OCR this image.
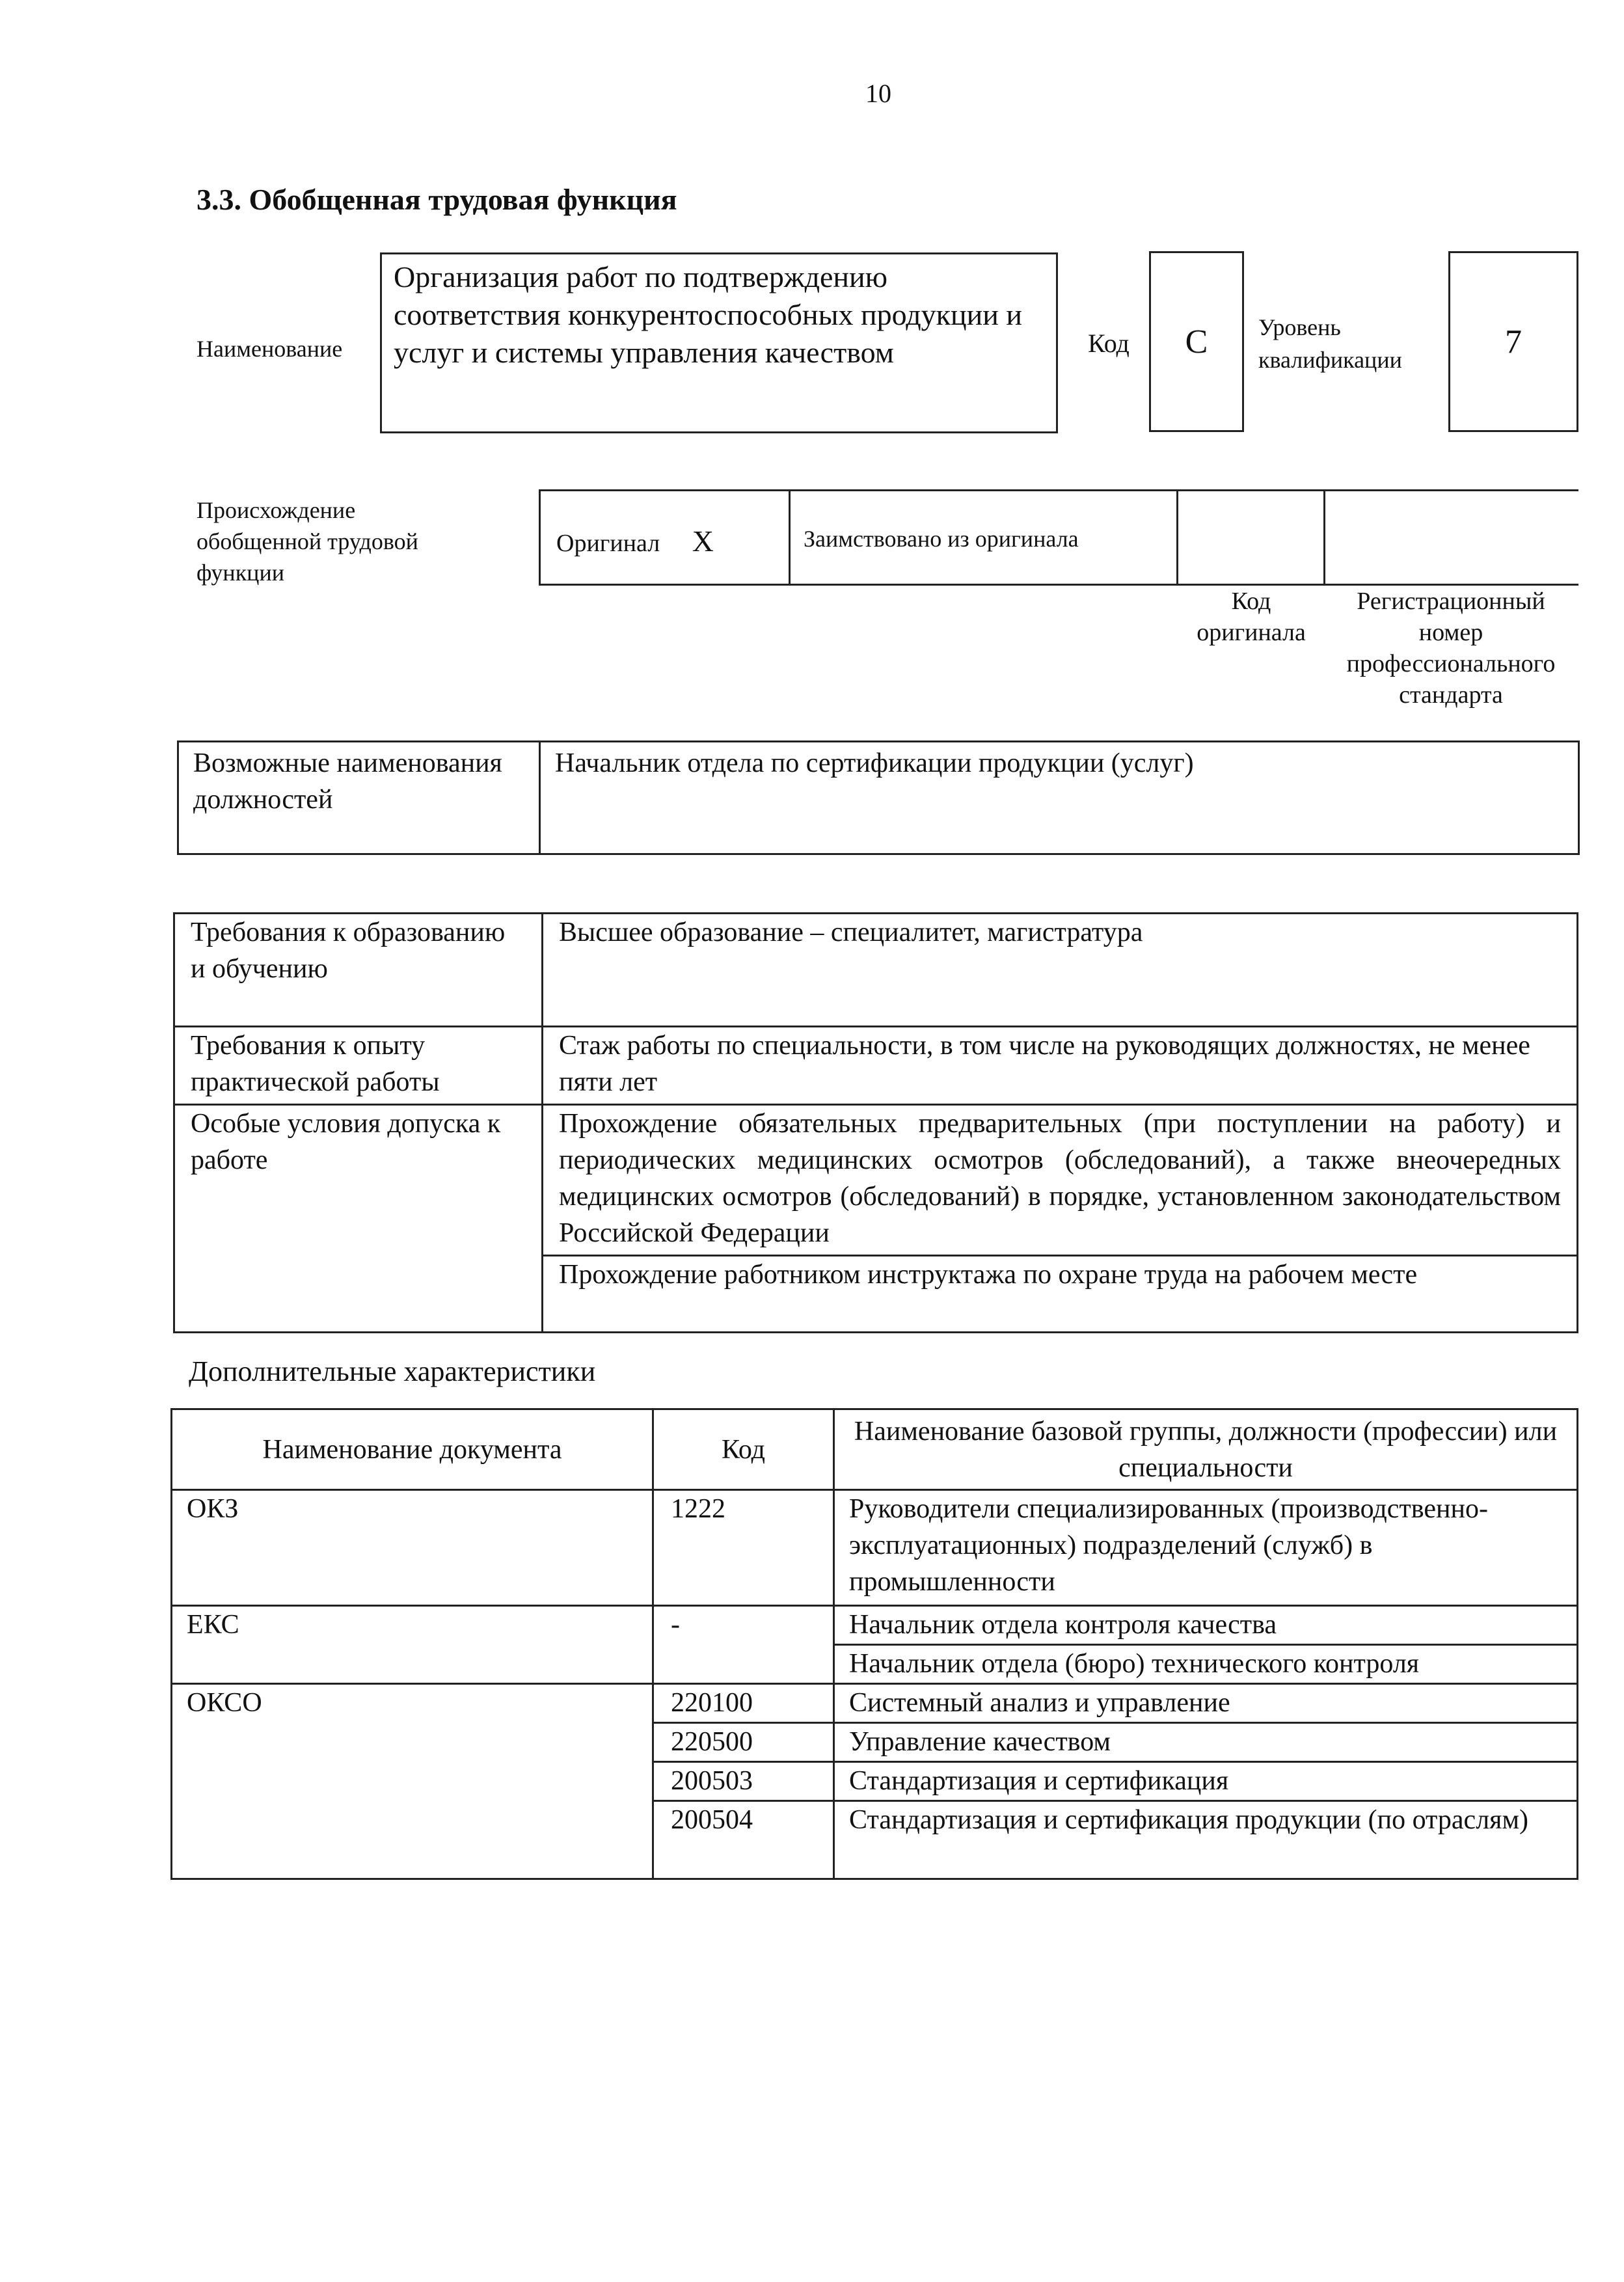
10
3.3. Обобщенная трудовая функция
Наименование
Организация работ по подтверждению соответствия конкурентоспособных продукции и услуг и системы управления качеством	Код C Уровень квалификации	7
Происхождение обобщенной трудовой функции
Оригинал X	Заимствовано из оригинала		
Код оригинала
Регистрационный номер профессионального стандарта
Возможные наименования должностей	Начальник отдела по сертификации продукции (услуг)
Требования к образованию и обучению	Высшее образование – специалитет, магистратура
Требования к опыту практической работы	Стаж работы по специальности, в том числе на руководящих должностях, не менее пяти лет
Особые условия допуска к работе	Прохождение обязательных предварительных (при поступлении на работу) и периодических медицинских осмотров (обследований), а также внеочередных медицинских осмотров (обследований) в порядке, установленном законодательством Российской Федерации
	Прохождение работником инструктажа по охране труда на рабочем месте
Дополнительные характеристики
Наименование документа	Код	Наименование базовой группы, должности (профессии) или специальности
ОКЗ	1222	Руководители специализированных (производственно-эксплуатационных) подразделений (служб) в промышленности
ЕКС	-	Начальник отдела контроля качества
		Начальник отдела (бюро) технического контроля
ОКСО	220100	Системный анализ и управление
	220500	Управление качеством
	200503	Стандартизация и сертификация
	200504	Стандартизация и сертификация продукции (по отраслям)
